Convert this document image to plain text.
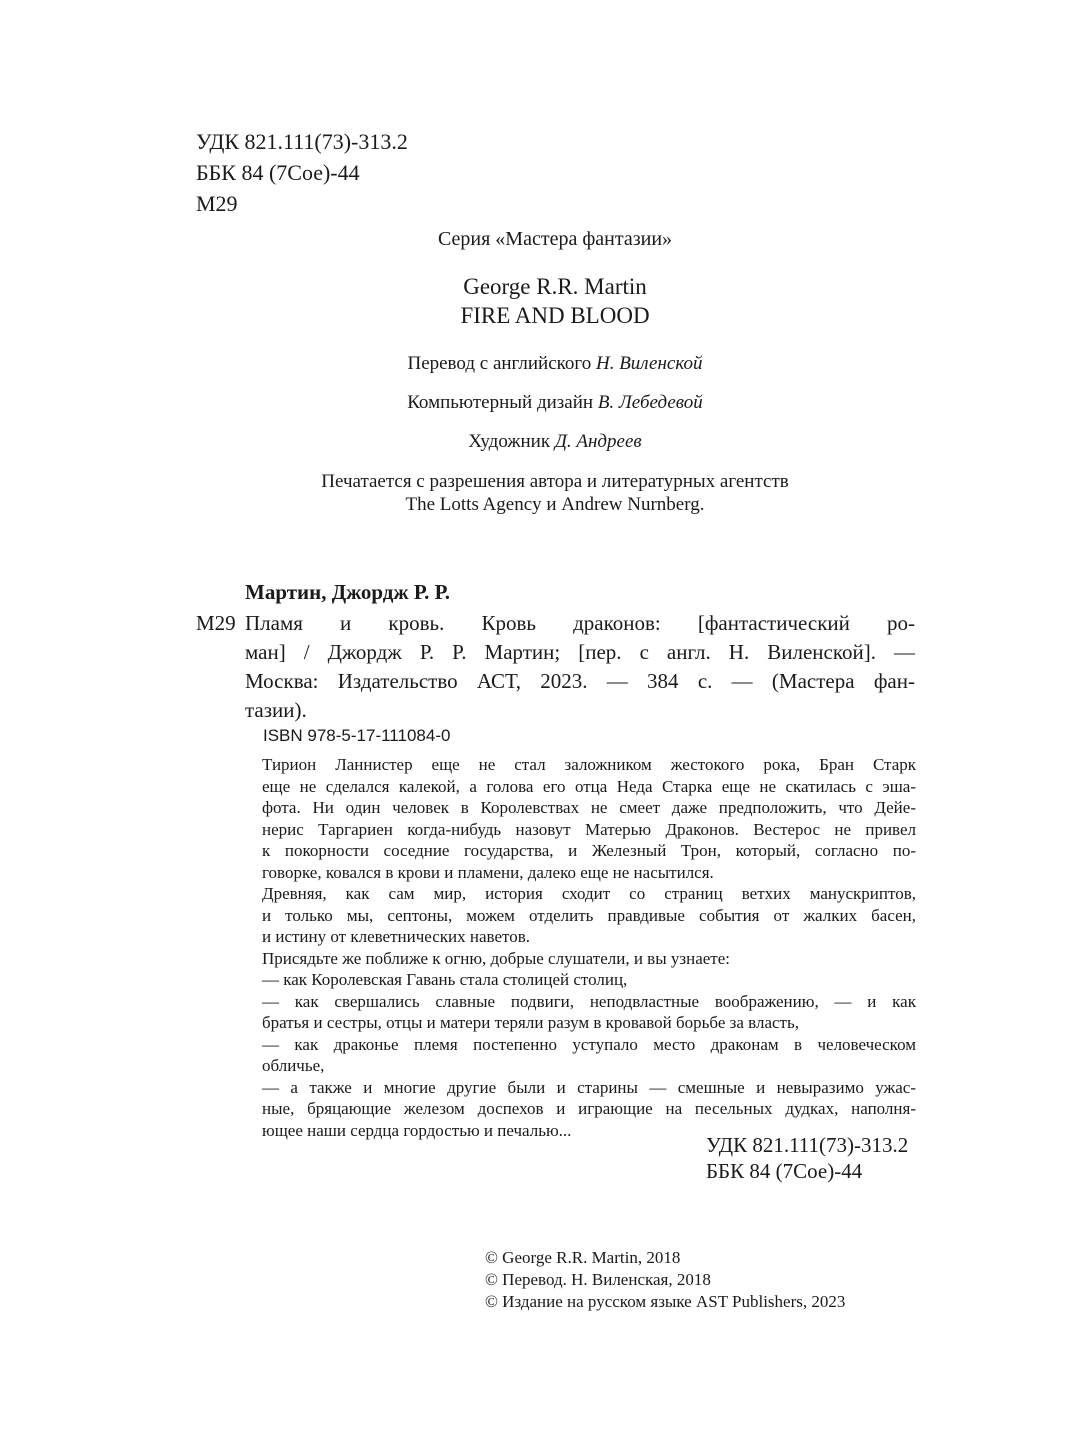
УДК 821.111(73)-313.2
ББК 84 (7Сое)-44
М29
Серия «Мастера фантазии»
George R.R. Martin
FIRE AND BLOOD
Перевод с английского Н. Виленской
Компьютерный дизайн В. Лебедевой
Художник Д. Андреев
Печатается с разрешения автора и литературных агентств
The Lotts Agency и Andrew Nurnberg.
Мартин, Джордж Р. Р.
М29 Пламя и кровь. Кровь драконов: [фантастический ро-
ман] / Джордж Р. Р. Мартин; [пер. с англ. Н. Виленской]. —
Москва: Издательство АСТ, 2023. — 384 с. — (Мастера фан-
тазии).
ISBN 978-5-17-111084-0

Тирион Ланнистер еще не стал заложником жестокого рока, Бран Старк
еще не сделался калекой, а голова его отца Неда Старка еще не скатилась с эша-
фота. Ни один человек в Королевствах не смеет даже предположить, что Дейе-
нерис Таргариен когда-нибудь назовут Матерью Драконов. Вестерос не привел
к покорности соседние государства, и Железный Трон, который, согласно по-
говорке, ковался в крови и пламени, далеко еще не насытился.

Древняя, как сам мир, история сходит со страниц ветхих манускриптов,
и только мы, септоны, можем отделить правдивые события от жалких басен,
и истину от клеветнических наветов.

Присядьте же поближе к огню, добрые слушатели, и вы узнаете:

— как Королевская Гавань стала столицей столиц,

— как свершались славные подвиги, неподвластные воображению, — и как
братья и сестры, отцы и матери теряли разум в кровавой борьбе за власть,

— как драконье племя постепенно уступало место драконам в человеческом
обличье,

— а также и многие другие были и старины — смешные и невыразимо ужас-
ные, бряцающие железом доспехов и играющие на песельных дудках, наполня-
ющее наши сердца гордостью и печалью...

УДК 821.111(73)-313.2
ББК 84 (7Сое)-44
© George R.R. Martin, 2018
© Перевод. Н. Виленская, 2018
© Издание на русском языке AST Publishers, 2023
